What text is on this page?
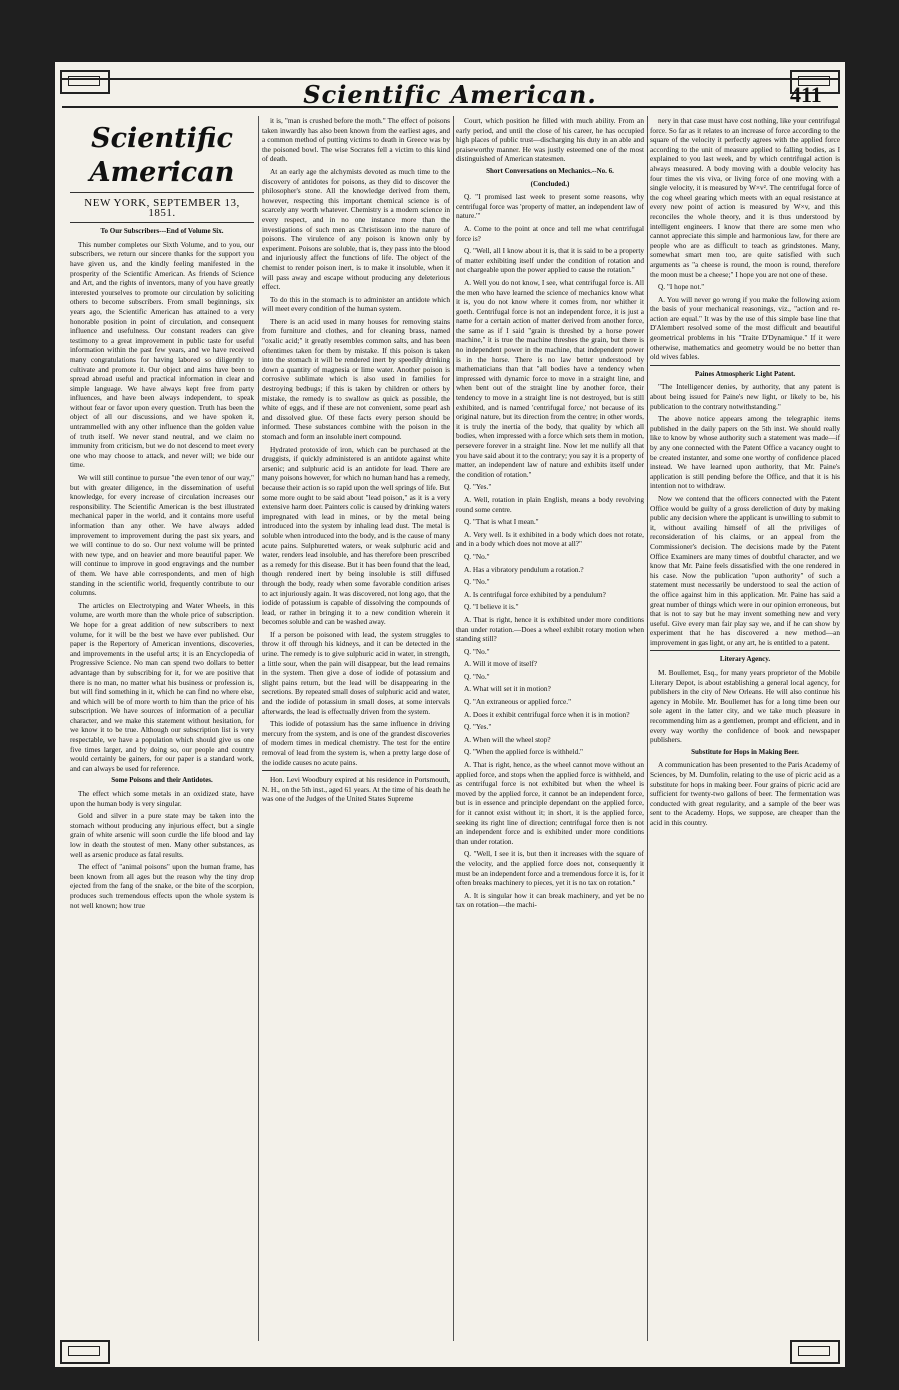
Scientific American.	411
Scientific American
NEW YORK, SEPTEMBER 13, 1851.

To Our Subscribers---End of Volume Six.

This number completes our Sixth Volume, and to you, our subscribers, we return our sincere thanks for the support you have given us, and the kindly feeling manifested in the prosperity of the Scientific American. As friends of Science and Art, and the rights of inventors, many of you have greatly interested yourselves to promote our circulation by soliciting others to become subscribers. From small beginnings, six years ago, the Scientific American has attained to a very honorable position in point of circulation, and consequent influence and usefulness. Our constant readers can give testimony to a great improvement in public taste for useful information within the past few years, and we have received many congratulations for having labored so diligently to cultivate and promote it. Our object and aims have been to spread abroad useful and practical information in clear and simple language. We have always kept free from party influences, and have been always independent, to speak without fear or favor upon every question. Truth has been the object of all our discussions, and we have spoken it, untrammelled with any other influence than the golden value of truth itself. We never stand neutral, and we claim no immunity from criticism, but we do not descend to meet every one who may choose to attack, and never will; we bide our time.

We will still continue to pursue "the even tenor of our way," but with greater diligence, in the dissemination of useful knowledge, for every increase of circulation increases our responsibility. The Scientific American is the best illustrated mechanical paper in the world, and it contains more useful information than any other. We have always added improvement to improvement during the past six years, and we will continue to do so. Our next volume will be printed with new type, and on heavier and more beautiful paper. We will continue to improve in good engravings and the number of them. We have able correspondents, and men of high standing in the scientific world, frequently contribute to our columns.

The articles on Electrotyping and Water Wheels, in this volume, are worth more than the whole price of subscription. We hope for a great addition of new subscribers to next volume, for it will be the best we have ever published. Our paper is the Repertory of American inventions, discoveries, and improvements in the useful arts; it is an Encyclopedia of Progressive Science. No man can spend two dollars to better advantage than by subscribing for it, for we are positive that there is no man, no matter what his business or profession is, but will find something in it, which he can find no where else, and which will be of more worth to him than the price of his subscription. We have sources of information of a peculiar character, and we make this statement without hesitation, for we know it to be true. Although our subscription list is very respectable, we have a population which should give us one five times larger, and by doing so, our people and country would certainly be gainers, for our paper is a standard work, and can always be used for reference.

Some Poisons and their Antidotes.

The effect which some metals in an oxidized state, have upon the human body is very singular.

Gold and silver in a pure state may be taken into the stomach without producing any injurious effect, but a single grain of white arsenic will soon curdle the life blood and lay low in death the stoutest of men. Many other substances, as well as arsenic produce as fatal results.

The effect of "animal poisons" upon the human frame, has been known from all ages but the reason why the tiny drop ejected from the fang of the snake, or the bite of the scorpion, produces such tremendous effects upon the whole system is not well known; how true

it is, "man is crushed before the moth." The effect of poisons taken inwardly has also been known from the earliest ages, and a common method of putting victims to death in Greece was by the poisoned bowl. The wise Socrates fell a victim to this kind of death.

At an early age the alchymists devoted as much time to the discovery of antidotes for poisons, as they did to discover the philosopher's stone. All the knowledge derived from them, however, respecting this important chemical science is of scarcely any worth whatever. Chemistry is a modern science in every respect, and in no one instance more than the investigations of such men as Christisson into the nature of poisons. The virulence of any poison is known only by experiment. Poisons are soluble, that is, they pass into the blood and injuriously affect the functions of life. The object of the chemist to render poison inert, is to make it insoluble, when it will pass away and escape without producing any deleterious effect.

To do this in the stomach is to administer an antidote which will meet every condition of the human system.

There is an acid used in many houses for removing stains from furniture and clothes, and for cleaning brass, named "oxalic acid;" it greatly resembles common salts, and has been oftentimes taken for them by mistake. If this poison is taken into the stomach it will be rendered inert by speedily drinking down a quantity of magnesia or lime water. Another poison is corrosive sublimate which is also used in families for destroying bedbugs; if this is taken by children or others by mistake, the remedy is to swallow as quick as possible, the white of eggs, and if these are not convenient, some pearl ash and dissolved glue. Of these facts every person should be informed. These substances combine with the poison in the stomach and form an insoluble inert compound.

Hydrated protoxide of iron, which can be purchased at the druggists, if quickly administered is an antidote against white arsenic; and sulphuric acid is an antidote for lead. There are many poisons however, for which no human hand has a remedy, because their action is so rapid upon the well springs of life. But some more ought to be said about "lead poison," as it is a very extensive harm doer. Painters colic is caused by drinking waters impregnated with lead in mines, or by the metal being introduced into the system by inhaling lead dust. The metal is soluble when introduced into the body, and is the cause of many acute pains. Sulphuretted waters, or weak sulphuric acid and water, renders lead insoluble, and has therefore been prescribed as a remedy for this disease. But it has been found that the lead, though rendered inert by being insoluble is still diffused through the body, ready when some favorable condition arises to act injuriously again. It was discovered, not long ago, that the iodide of potassium is capable of dissolving the compounds of lead, or rather in bringing it to a new condition wherein it becomes soluble and can be washed away.

If a person be poisoned with lead, the system struggles to throw it off through his kidneys, and it can be detected in the urine. The remedy is to give sulphuric acid in water, in strength, a little sour, when the pain will disappear, but the lead remains in the system. Then give a dose of iodide of potassium and slight pains return, but the lead will be disappearing in the secretions. By repeated small doses of sulphuric acid and water, and the iodide of potassium in small doses, at some intervals afterwards, the lead is effectually driven from the system.

This iodide of potassium has the same influence in driving mercury from the system, and is one of the grandest discoveries of modern times in medical chemistry. The test for the entire removal of lead from the system is, when a pretty large dose of the iodide causes no acute pains.

Hon. Levi Woodbury expired at his residence in Portsmouth, N. H., on the 5th inst., aged 61 years. At the time of his death he was one of the Judges of the United States Supreme

Court, which position he filled with much ability. From an early period, and until the close of his career, he has occupied high places of public trust—discharging his duty in an able and praiseworthy manner. He was justly esteemed one of the most distinguished of American statesmen.

Short Conversations on Mechanics.--No. 6.

(Concluded.)

Q. "I promised last week to present some reasons, why centrifugal force was 'property of matter, an independent law of nature.'"

A. Come to the point at once and tell me what centrifugal force is?

Q. "Well, all I know about it is, that it is said to be a property of matter exhibiting itself under the condition of rotation and not chargeable upon the power applied to cause the rotation."

A. Well you do not know, I see, what centrifugal force is. All the men who have learned the science of mechanics know what it is, you do not know where it comes from, nor whither it goeth. Centrifugal force is not an independent force, it is just a name for a certain action of matter derived from another force, the same as if I said "grain is threshed by a horse power machine," it is true the machine threshes the grain, but there is no independent power in the machine, that independent power is in the horse. There is no law better understood by mathematicians than that "all bodies have a tendency when impressed with dynamic force to move in a straight line, and when bent out of the straight line by another force, their tendency to move in a straight line is not destroyed, but is still exhibited, and is named 'centrifugal force,' not because of its original nature, but its direction from the centre; in other words, it is truly the inertia of the body, that quality by which all bodies, when impressed with a force which sets them in motion, persevere forever in a straight line. Now let me nullify all that you have said about it to the contrary; you say it is a property of matter, an independent law of nature and exhibits itself under the condition of rotation."

Q. "Yes."

A. Well, rotation in plain English, means a body revolving round some centre.

Q. "That is what I mean."

A. Very well. Is it exhibited in a body which does not rotate, and in a body which does not move at all?"

Q. "No."

A. Has a vibratory pendulum a rotation.?

Q. "No."

A. Is centrifugal force exhibited by a pendulum?

Q. "I believe it is."

A. That is right, hence it is exhibited under more conditions than under rotation.—Does a wheel exhibit rotary motion when standing still?

Q. "No."

A. Will it move of itself?

Q. "No."

A. What will set it in motion?

Q. "An extraneous or applied force."

A. Does it exhibit centrifugal force when it is in motion?

Q. "Yes."

A. When will the wheel stop?

Q. "When the applied force is withheld."

A. That is right, hence, as the wheel cannot move without an applied force, and stops when the applied force is withheld, and as centrifugal force is not exhibited but when the wheel is moved by the applied force, it cannot be an independent force, but is in essence and principle dependant on the applied force, for it cannot exist without it; in short, it is the applied force, seeking its right line of direction; centrifugal force then is not an independent force and is exhibited under more conditions than under rotation.

Q. "Well, I see it is, but then it increases with the square of the velocity, and the applied force does not, consequently it must be an independent force and a tremendous force it is, for it often breaks machinery to pieces, yet it is no tax on rotation."

A. It is singular how it can break machinery, and yet be no tax on rotation—the machi-

nery in that case must have cost nothing, like your centrifugal force. So far as it relates to an increase of force according to the square of the velocity it perfectly agrees with the applied force according to the unit of measure applied to falling bodies, as I explained to you last week, and by which centrifugal action is always measured. A body moving with a double velocity has four times the vis viva, or living force of one moving with a single velocity, it is measured by W×v². The centrifugal force of the cog wheel gearing which meets with an equal resistance at every new point of action is measured by W×v, and this reconciles the whole theory, and it is thus understood by intelligent engineers. I know that there are some men who cannot appreciate this simple and harmonious law, for there are people who are as difficult to teach as grindstones. Many, somewhat smart men too, are quite satisfied with such arguments as "a cheese is round, the moon is round, therefore the moon must be a cheese;" I hope you are not one of these.

Q. "I hope not."

A. You will never go wrong if you make the following axiom the basis of your mechanical reasonings, viz., "action and re-action are equal." It was by the use of this simple base line that D'Alembert resolved some of the most difficult and beautiful geometrical problems in his "Traite D'Dynamique." If it were otherwise, mathematics and geometry would be no better than old wives fables.

Paines Atmospheric Light Patent.

"The Intelligencer denies, by authority, that any patent is about being issued for Paine's new light, or likely to be, his publication to the contrary notwithstanding."

The above notice appears among the telegraphic items published in the daily papers on the 5th inst. We should really like to know by whose authority such a statement was made—if by any one connected with the Patent Office a vacancy ought to be created instanter, and some one worthy of confidence placed instead. We have learned upon authority, that Mr. Paine's application is still pending before the Office, and that it is his intention not to withdraw.

Now we contend that the officers connected with the Patent Office would be guilty of a gross dereliction of duty by making public any decision where the applicant is unwilling to submit to it, without availing himself of all the priviliges of reconsideration of his claims, or an appeal from the Commissioner's decision. The decisions made by the Patent Office Examiners are many times of doubtful character, and we know that Mr. Paine feels dissatisfied with the one rendered in his case. Now the publication "upon authority" of such a statement must necessarily be understood to seal the action of the office against him in this application. Mr. Paine has said a great number of things which were in our opinion erroneous, but that is not to say but he may invent something new and very useful. Give every man fair play say we, and if he can show by experiment that he has discovered a new method—an improvement in gas light, or any art, he is entitled to a patent.

Literary Agency.

M. Boullemet, Esq., for many years proprietor of the Mobile Literary Depot, is about establishing a general local agency, for publishers in the city of New Orleans. He will also continue his agency in Mobile. Mr. Boullemet has for a long time been our sole agent in the latter city, and we take much pleasure in recommending him as a gentlemen, prompt and efficient, and in every way worthy the confidence of book and newspaper publishers.

Substitute for Hops in Making Beer.

A communication has been presented to the Paris Academy of Sciences, by M. Dumfolin, relating to the use of picric acid as a substitute for hops in making beer. Four grains of picric acid are sufficient for twenty-two gallons of beer. The fermentation was conducted with great regularity, and a sample of the beer was sent to the Academy. Hops, we suppose, are cheaper than the acid in this country.
